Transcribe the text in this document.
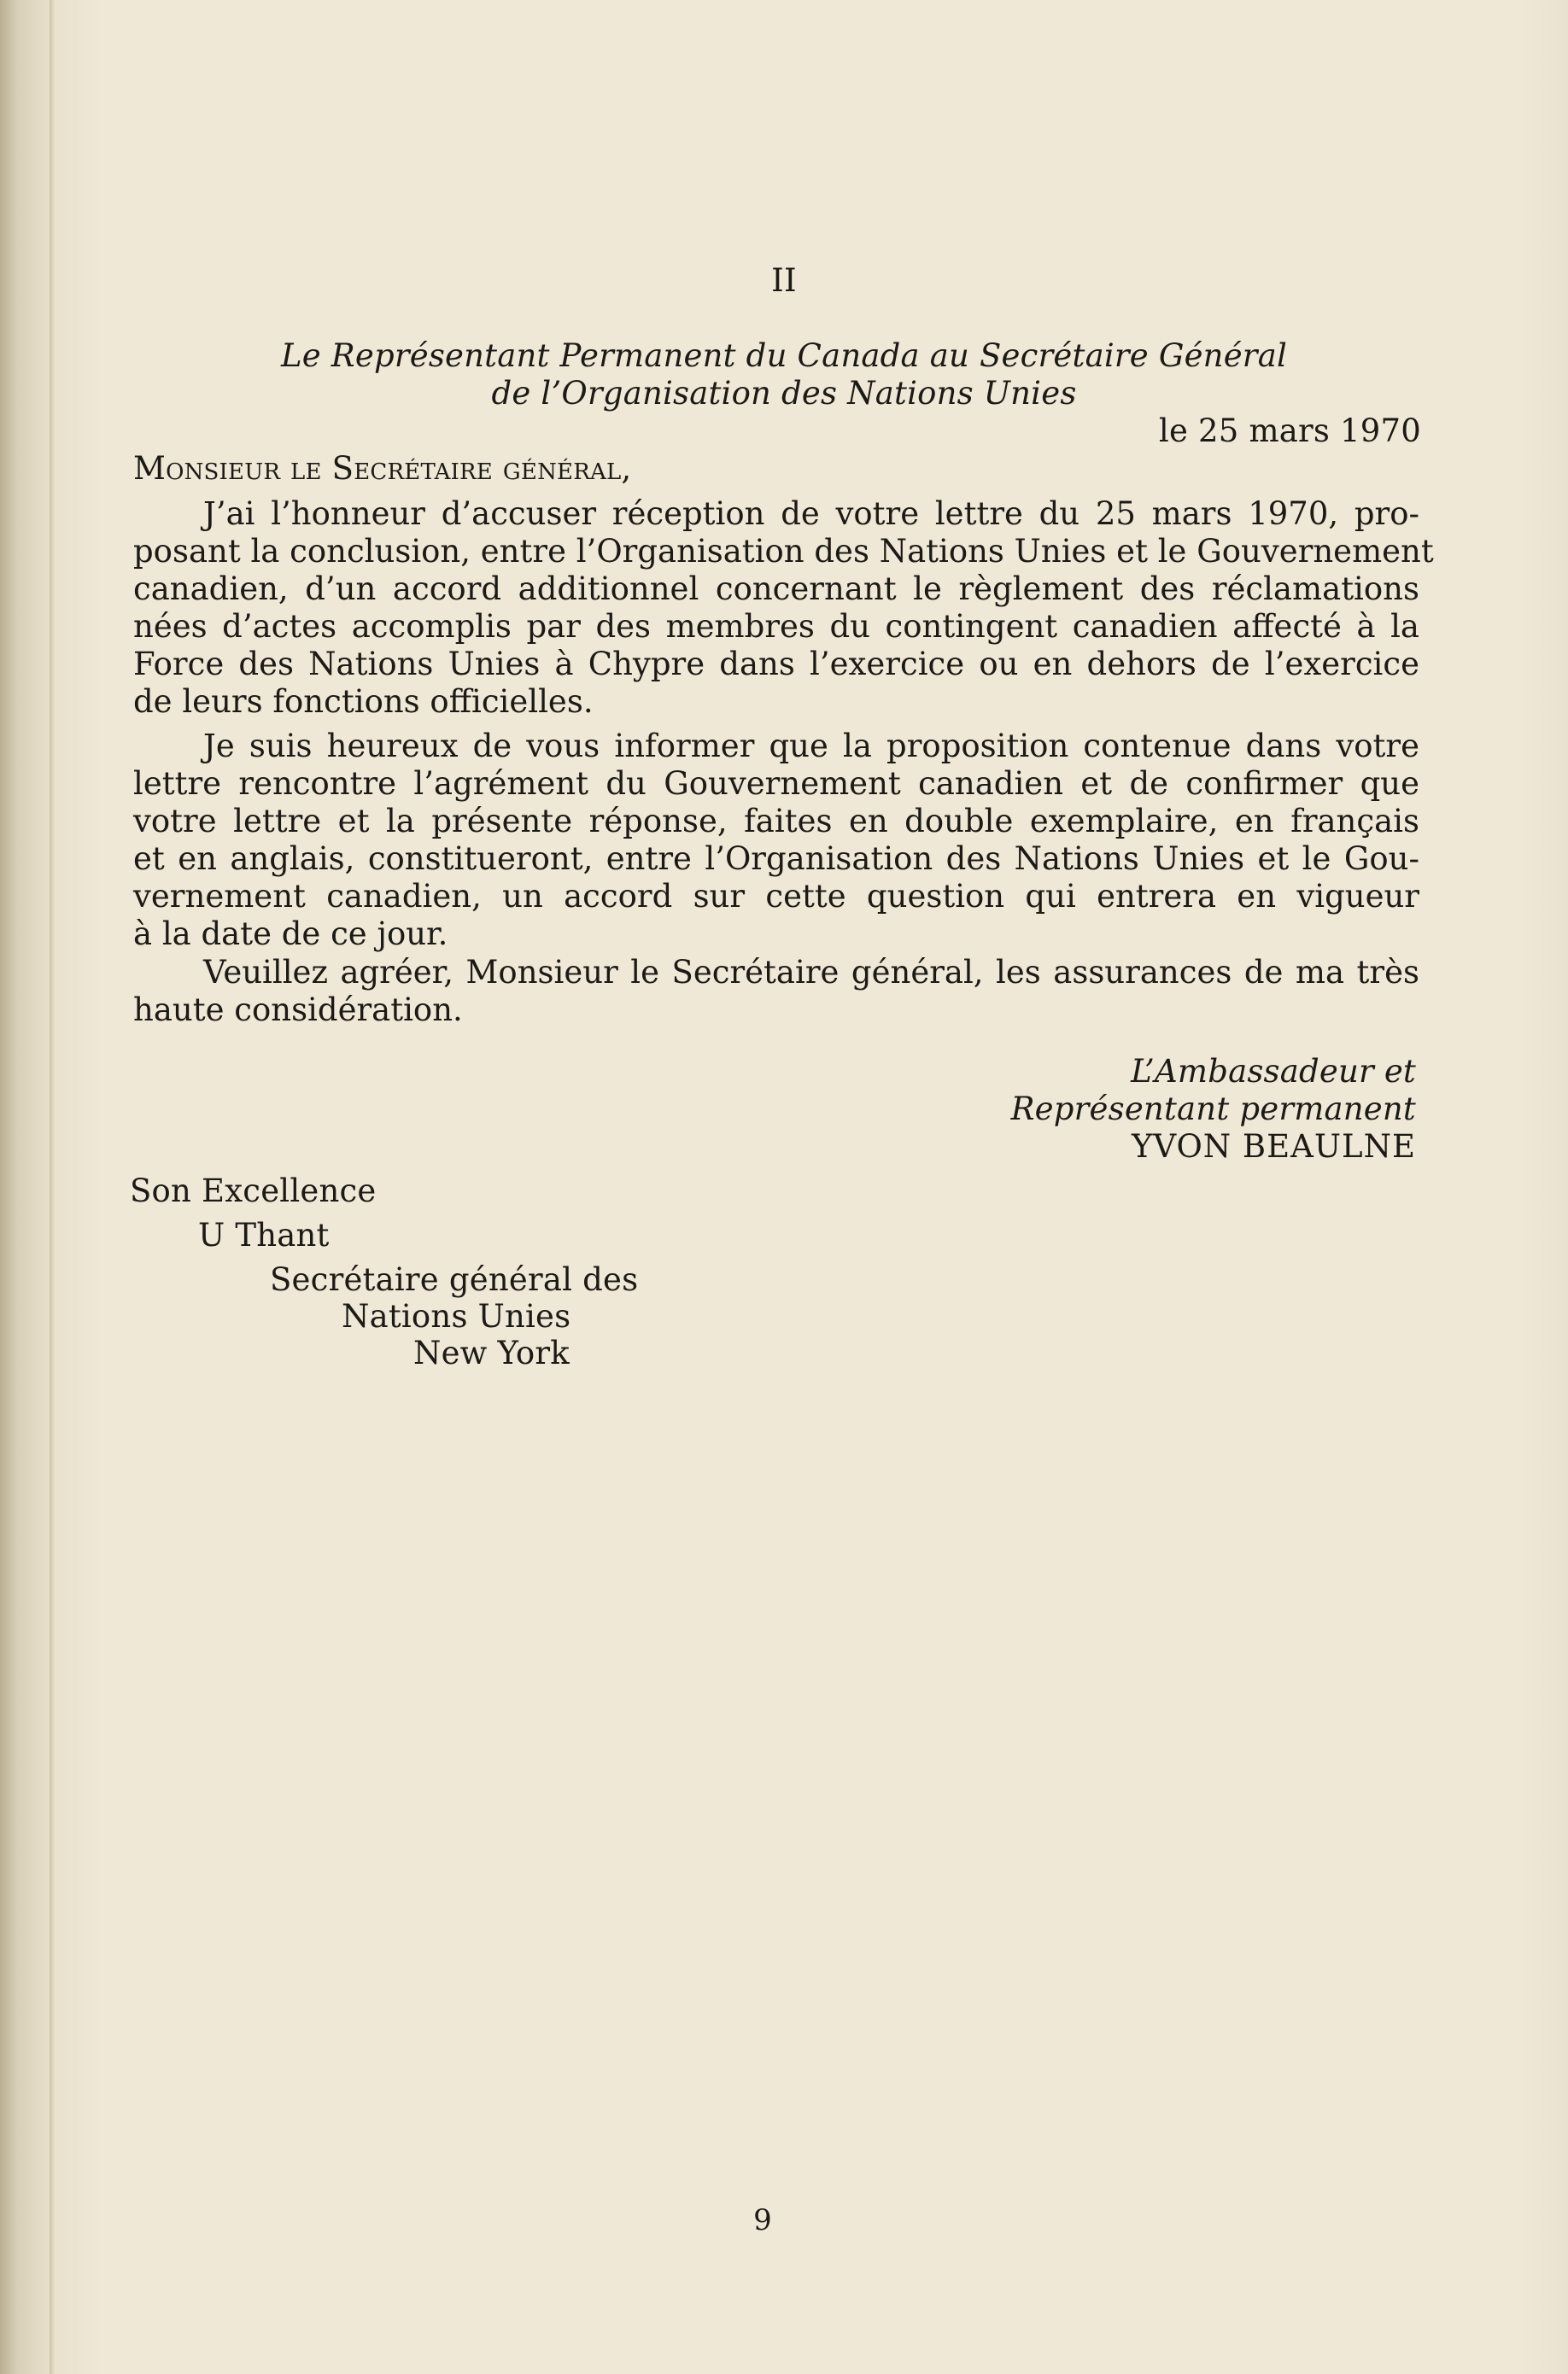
II
Le Représentant Permanent du Canada au Secrétaire Général
de l’Organisation des Nations Unies
le 25 mars 1970
Monsieur le Secrétaire général,
J’ai l’honneur d’accuser réception de votre lettre du 25 mars 1970, pro-
posant la conclusion, entre l’Organisation des Nations Unies et le Gouvernement
canadien, d’un accord additionnel concernant le règlement des réclamations
nées d’actes accomplis par des membres du contingent canadien affecté à la
Force des Nations Unies à Chypre dans l’exercice ou en dehors de l’exercice
de leurs fonctions officielles.
Je suis heureux de vous informer que la proposition contenue dans votre
lettre rencontre l’agrément du Gouvernement canadien et de confirmer que
votre lettre et la présente réponse, faites en double exemplaire, en français
et en anglais, constitueront, entre l’Organisation des Nations Unies et le Gou-
vernement canadien, un accord sur cette question qui entrera en vigueur
à la date de ce jour.
Veuillez agréer, Monsieur le Secrétaire général, les assurances de ma très
haute considération.
L’Ambassadeur et
Représentant permanent
YVON BEAULNE
Son Excellence
U Thant
Secrétaire général des
Nations Unies
New York
9
